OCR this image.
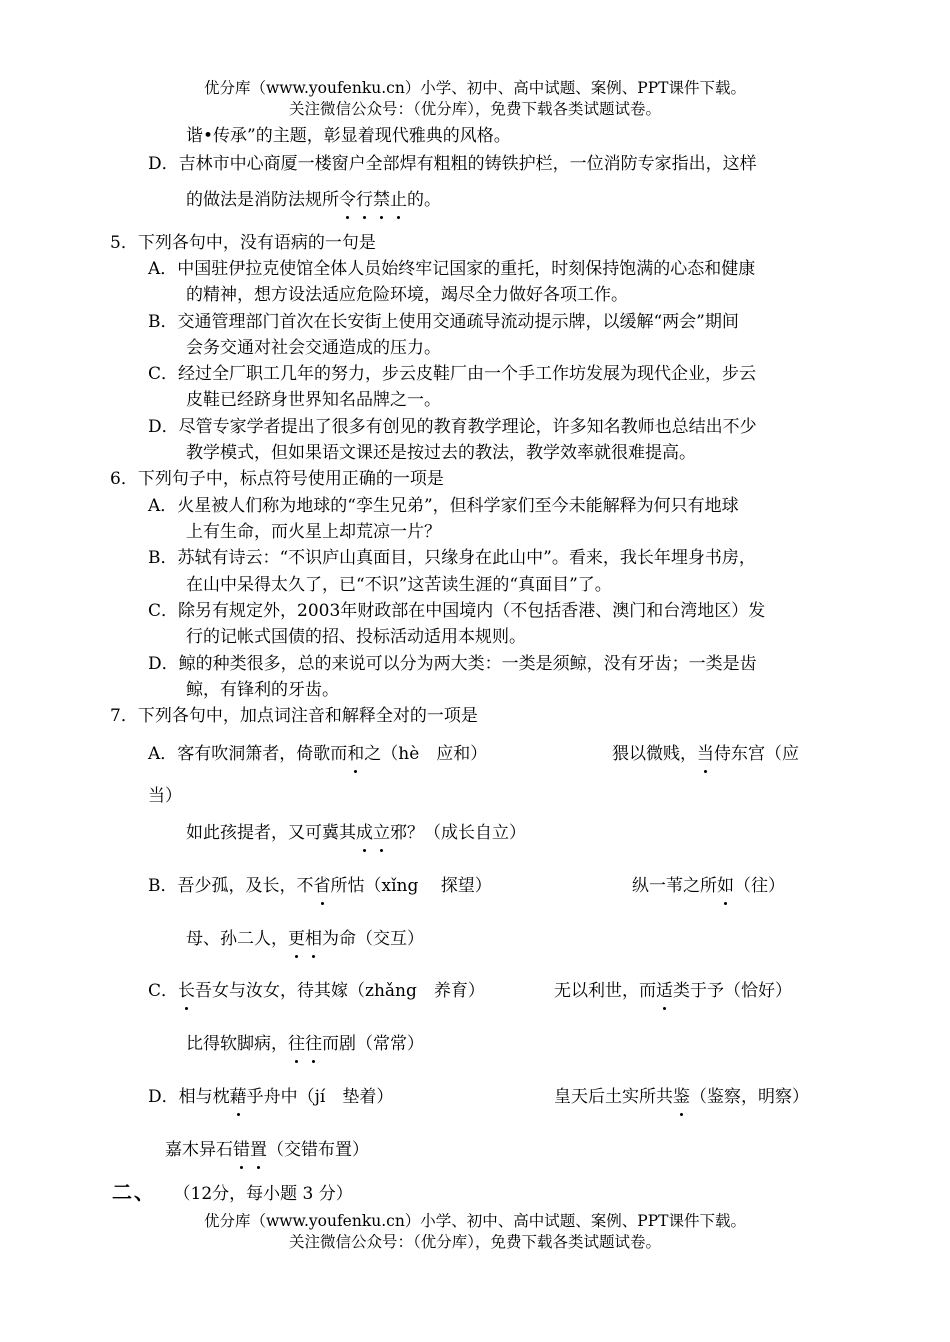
优分库（www.youfenku.cn）小学、初中、高中试题、案例、PPT课件下载。
关注微信公众号：（优分库），免费下载各类试题试卷。
谐•传承”的主题，彰显着现代雅典的风格。
D．吉林市中心商厦一楼窗户全部焊有粗粗的铸铁护栏，一位消防专家指出，这样
的做法是消防法规所令行禁止的。
5．下列各句中，没有语病的一句是
A．中国驻伊拉克使馆全体人员始终牢记国家的重托，时刻保持饱满的心态和健康
的精神，想方设法适应危险环境，竭尽全力做好各项工作。
B．交通管理部门首次在长安街上使用交通疏导流动提示牌，以缓解“两会”期间
会务交通对社会交通造成的压力。
C．经过全厂职工几年的努力，步云皮鞋厂由一个手工作坊发展为现代企业，步云
皮鞋已经跻身世界知名品牌之一。
D．尽管专家学者提出了很多有创见的教育教学理论，许多知名教师也总结出不少
教学模式，但如果语文课还是按过去的教法，教学效率就很难提高。
6．下列句子中，标点符号使用正确的一项是
A．火星被人们称为地球的“孪生兄弟”，但科学家们至今未能解释为何只有地球
上有生命，而火星上却荒凉一片？
B．苏轼有诗云：“不识庐山真面目，只缘身在此山中”。看来，我长年埋身书房，
在山中呆得太久了，已“不识”这苦读生涯的“真面目”了。
C．除另有规定外，2003年财政部在中国境内（不包括香港、澳门和台湾地区）发
行的记帐式国债的招、投标活动适用本规则。
D．鲸的种类很多，总的来说可以分为两大类：一类是须鲸，没有牙齿；一类是齿
鲸，有锋利的牙齿。
7．下列各句中，加点词注音和解释全对的一项是
A．客有吹洞箫者，倚歌而和之（hè　应和）	猥以微贱，当侍东宫（应
当）
如此孩提者，又可冀其成立邪？（成长自立）
B．吾少孤，及长，不省所怙（xǐng　 探望）	纵一苇之所如（往）
母、孙二人，更相为命（交互）
C．长吾女与汝女，待其嫁（zhǎng　养育）	无以利世，而适类于予（恰好）
比得软脚病，往往而剧（常常）
D．相与枕藉乎舟中（jí　垫着）	皇天后土实所共鉴（鉴察，明察）
嘉木异石错置（交错布置）
二、 （12分，每小题 3 分）
优分库（www.youfenku.cn）小学、初中、高中试题、案例、PPT课件下载。
关注微信公众号：（优分库），免费下载各类试题试卷。
